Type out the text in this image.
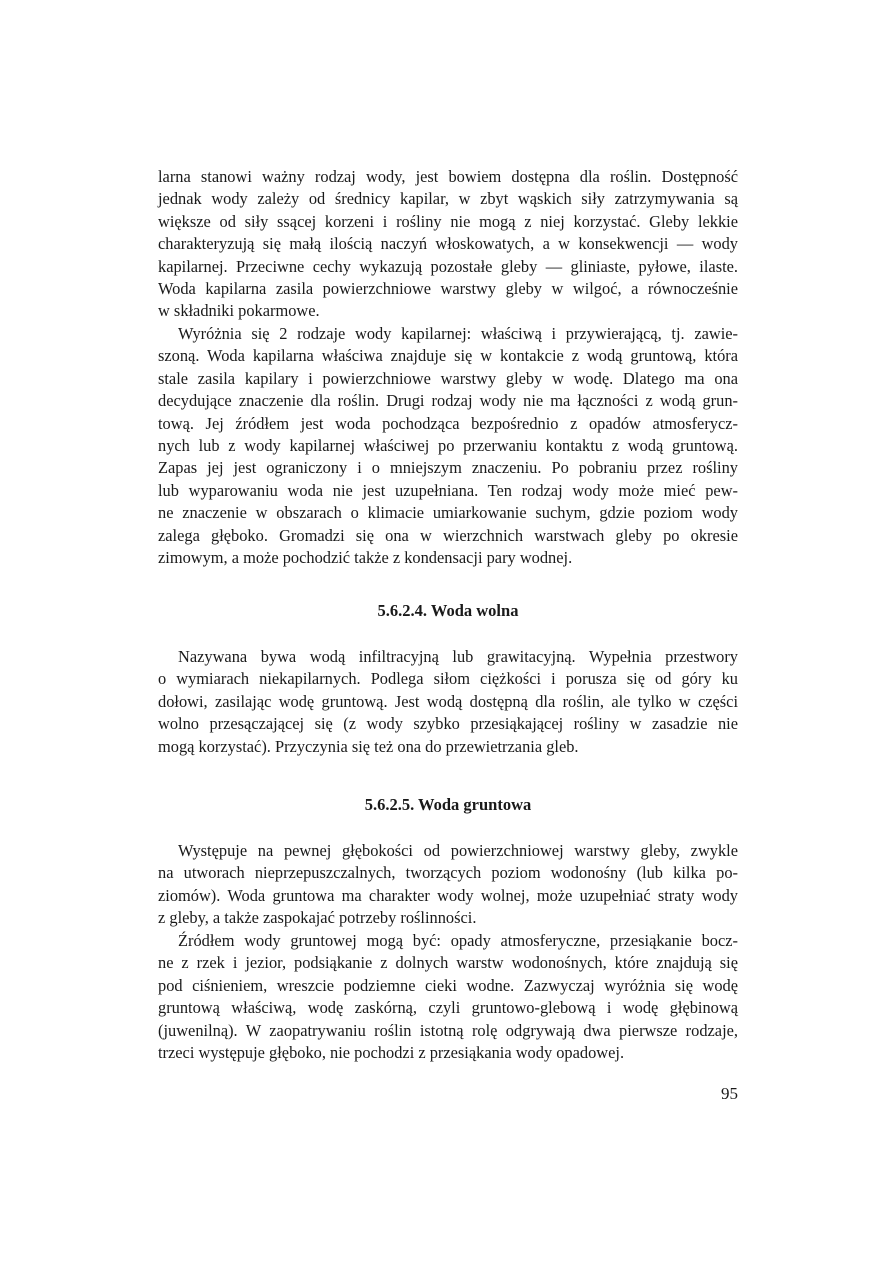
larna stanowi ważny rodzaj wody, jest bowiem dostępna dla roślin. Dostępność
jednak wody zależy od średnicy kapilar, w zbyt wąskich siły zatrzymywania są
większe od siły ssącej korzeni i rośliny nie mogą z niej korzystać. Gleby lekkie
charakteryzują się małą ilością naczyń włoskowatych, a w konsekwencji — wody
kapilarnej. Przeciwne cechy wykazują pozostałe gleby — gliniaste, pyłowe, ilaste.
Woda kapilarna zasila powierzchniowe warstwy gleby w wilgoć, a równocześnie
w składniki pokarmowe.
Wyróżnia się 2 rodzaje wody kapilarnej: właściwą i przywierającą, tj. zawie-
szoną. Woda kapilarna właściwa znajduje się w kontakcie z wodą gruntową, która
stale zasila kapilary i powierzchniowe warstwy gleby w wodę. Dlatego ma ona
decydujące znaczenie dla roślin. Drugi rodzaj wody nie ma łączności z wodą grun-
tową. Jej źródłem jest woda pochodząca bezpośrednio z opadów atmosferycz-
nych lub z wody kapilarnej właściwej po przerwaniu kontaktu z wodą gruntową.
Zapas jej jest ograniczony i o mniejszym znaczeniu. Po pobraniu przez rośliny
lub wyparowaniu woda nie jest uzupełniana. Ten rodzaj wody może mieć pew-
ne znaczenie w obszarach o klimacie umiarkowanie suchym, gdzie poziom wody
zalega głęboko. Gromadzi się ona w wierzchnich warstwach gleby po okresie
zimowym, a może pochodzić także z kondensacji pary wodnej.
5.6.2.4. Woda wolna
Nazywana bywa wodą infiltracyjną lub grawitacyjną. Wypełnia przestwory
o wymiarach niekapilarnych. Podlega siłom ciężkości i porusza się od góry ku
dołowi, zasilając wodę gruntową. Jest wodą dostępną dla roślin, ale tylko w części
wolno przesączającej się (z wody szybko przesiąkającej rośliny w zasadzie nie
mogą korzystać). Przyczynia się też ona do przewietrzania gleb.
5.6.2.5. Woda gruntowa
Występuje na pewnej głębokości od powierzchniowej warstwy gleby, zwykle
na utworach nieprzepuszczalnych, tworzących poziom wodonośny (lub kilka po-
ziomów). Woda gruntowa ma charakter wody wolnej, może uzupełniać straty wody
z gleby, a także zaspokajać potrzeby roślinności.
Źródłem wody gruntowej mogą być: opady atmosferyczne, przesiąkanie bocz-
ne z rzek i jezior, podsiąkanie z dolnych warstw wodonośnych, które znajdują się
pod ciśnieniem, wreszcie podziemne cieki wodne. Zazwyczaj wyróżnia się wodę
gruntową właściwą, wodę zaskórną, czyli gruntowo-glebową i wodę głębinową
(juwenilną). W zaopatrywaniu roślin istotną rolę odgrywają dwa pierwsze rodzaje,
trzeci występuje głęboko, nie pochodzi z przesiąkania wody opadowej.
95
